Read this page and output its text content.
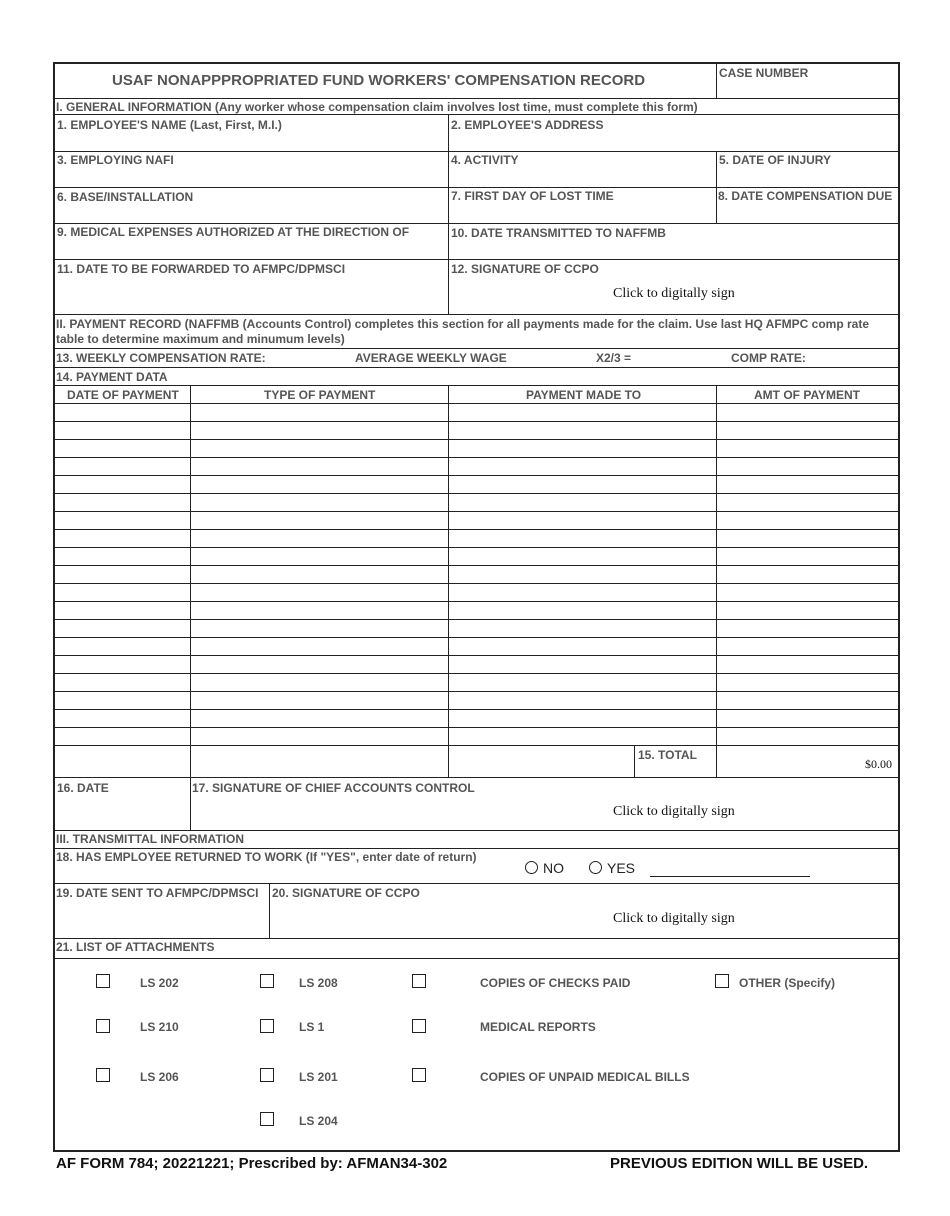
USAF NONAPPPROPRIATED FUND WORKERS' COMPENSATION RECORD	CASE NUMBER
I. GENERAL INFORMATION (Any worker whose compensation claim involves lost time, must complete this form)
1. EMPLOYEE'S NAME (Last, First, M.I.)	2. EMPLOYEE'S ADDRESS
3. EMPLOYING NAFI	4. ACTIVITY	5. DATE OF INJURY
6. BASE/INSTALLATION	7. FIRST DAY OF LOST TIME	8. DATE COMPENSATION DUE
9. MEDICAL EXPENSES AUTHORIZED AT THE DIRECTION OF	10. DATE TRANSMITTED TO NAFFMB
11. DATE TO BE FORWARDED TO AFMPC/DPMSCI	12. SIGNATURE OF CCPO
Click to digitally sign
II. PAYMENT RECORD (NAFFMB (Accounts Control) completes this section for all payments made for the claim. Use last HQ AFMPC comp rate
table to determine maximum and minumum levels)
13. WEEKLY COMPENSATION RATE:	AVERAGE WEEKLY WAGE	X2/3 =	COMP RATE:
14. PAYMENT DATA
DATE OF PAYMENT	TYPE OF PAYMENT	PAYMENT MADE TO	AMT OF PAYMENT
15. TOTAL
$0.00
16. DATE	17. SIGNATURE OF CHIEF ACCOUNTS CONTROL
Click to digitally sign
III. TRANSMITTAL INFORMATION
18. HAS EMPLOYEE RETURNED TO WORK (If "YES", enter date of return)
NO	YES
19. DATE SENT TO AFMPC/DPMSCI 20. SIGNATURE OF CCPO
Click to digitally sign
21. LIST OF ATTACHMENTS
LS 202	LS 208	COPIES OF CHECKS PAID	OTHER (Specify)
LS 210	LS 1	MEDICAL REPORTS
LS 206	LS 201	COPIES OF UNPAID MEDICAL BILLS
LS 204
AF FORM 784; 20221221; Prescribed by: AFMAN34-302	PREVIOUS EDITION WILL BE USED.
